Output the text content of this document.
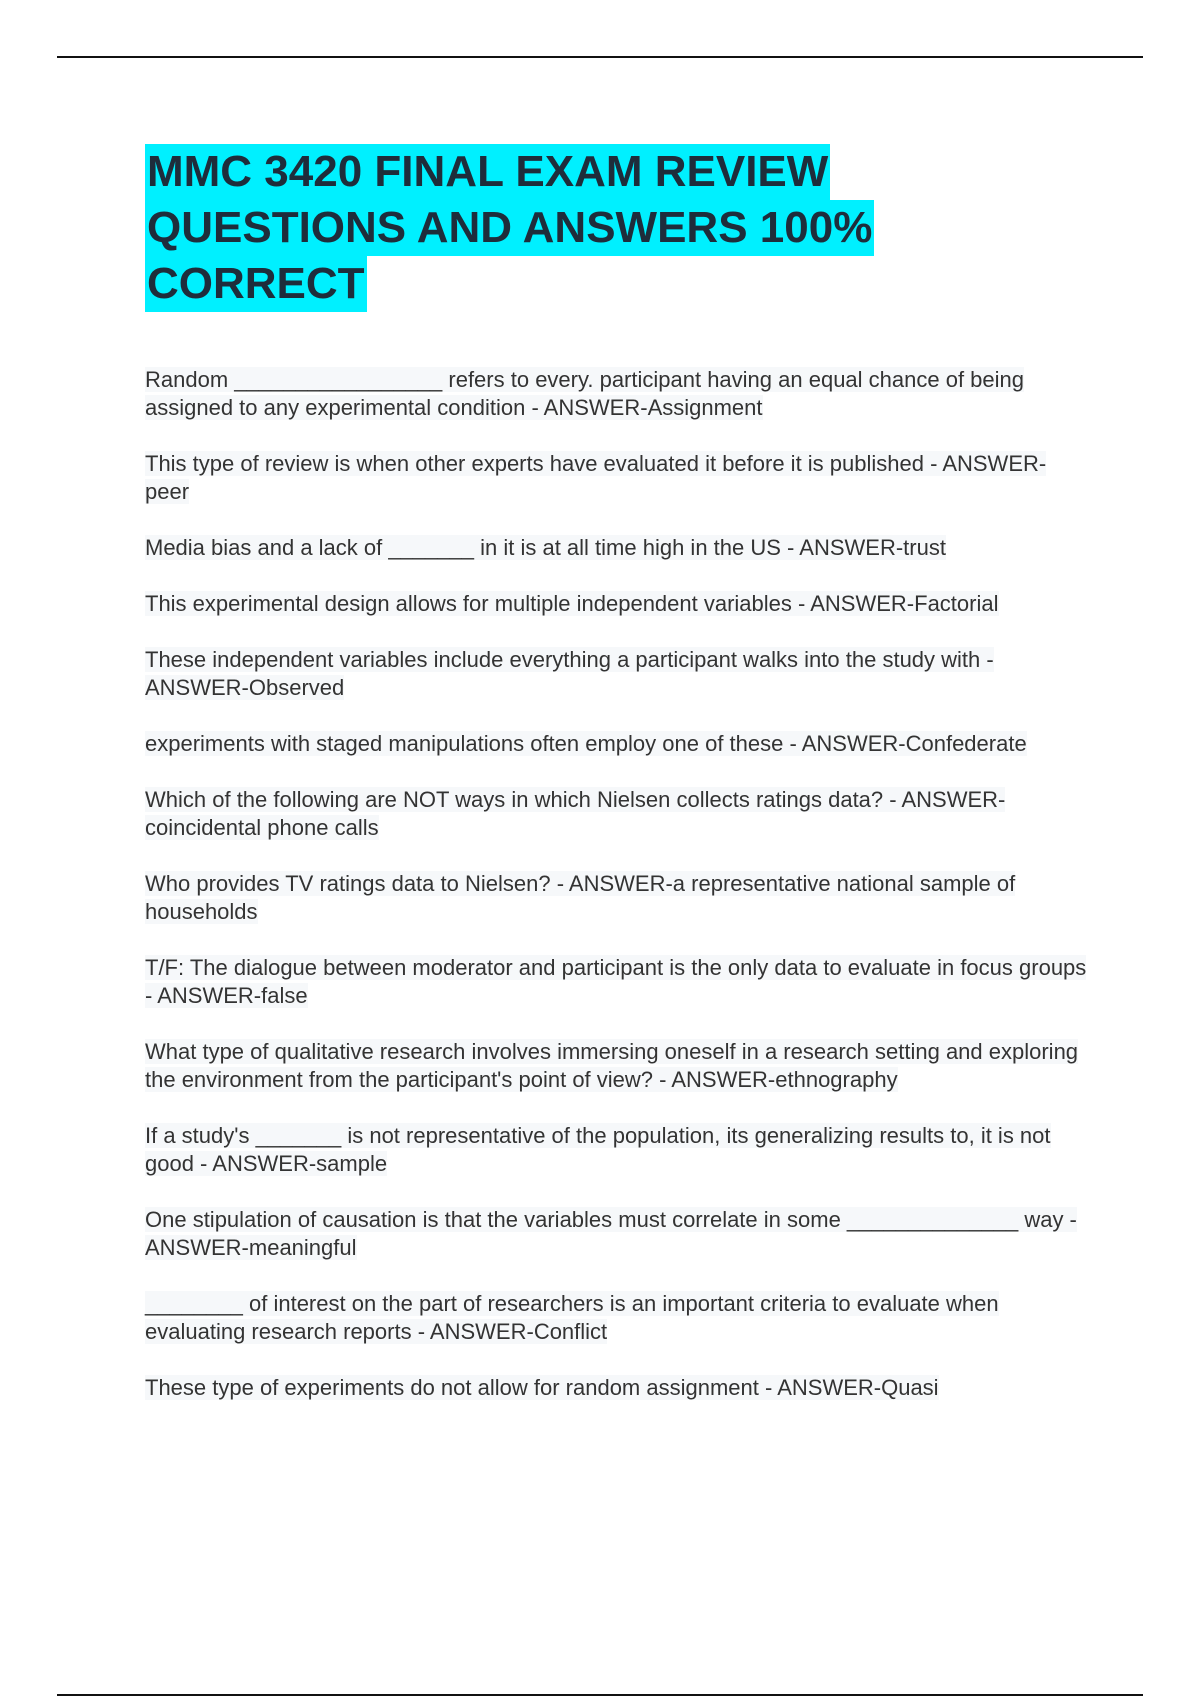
MMC 3420 FINAL EXAM REVIEW
QUESTIONS AND ANSWERS 100%
CORRECT

Random _________________ refers to every. participant having an equal chance of being assigned to any experimental condition - ANSWER-Assignment

This type of review is when other experts have evaluated it before it is published - ANSWER-peer

Media bias and a lack of _______ in it is at all time high in the US - ANSWER-trust

This experimental design allows for multiple independent variables - ANSWER-Factorial

These independent variables include everything a participant walks into the study with - ANSWER-Observed

experiments with staged manipulations often employ one of these - ANSWER-Confederate

Which of the following are NOT ways in which Nielsen collects ratings data? - ANSWER-coincidental phone calls

Who provides TV ratings data to Nielsen? - ANSWER-a representative national sample of households

T/F: The dialogue between moderator and participant is the only data to evaluate in focus groups - ANSWER-false

What type of qualitative research involves immersing oneself in a research setting and exploring the environment from the participant's point of view? - ANSWER-ethnography

If a study's _______ is not representative of the population, its generalizing results to, it is not good - ANSWER-sample

One stipulation of causation is that the variables must correlate in some ______________ way - ANSWER-meaningful

________ of interest on the part of researchers is an important criteria to evaluate when evaluating research reports - ANSWER-Conflict

These type of experiments do not allow for random assignment - ANSWER-Quasi
